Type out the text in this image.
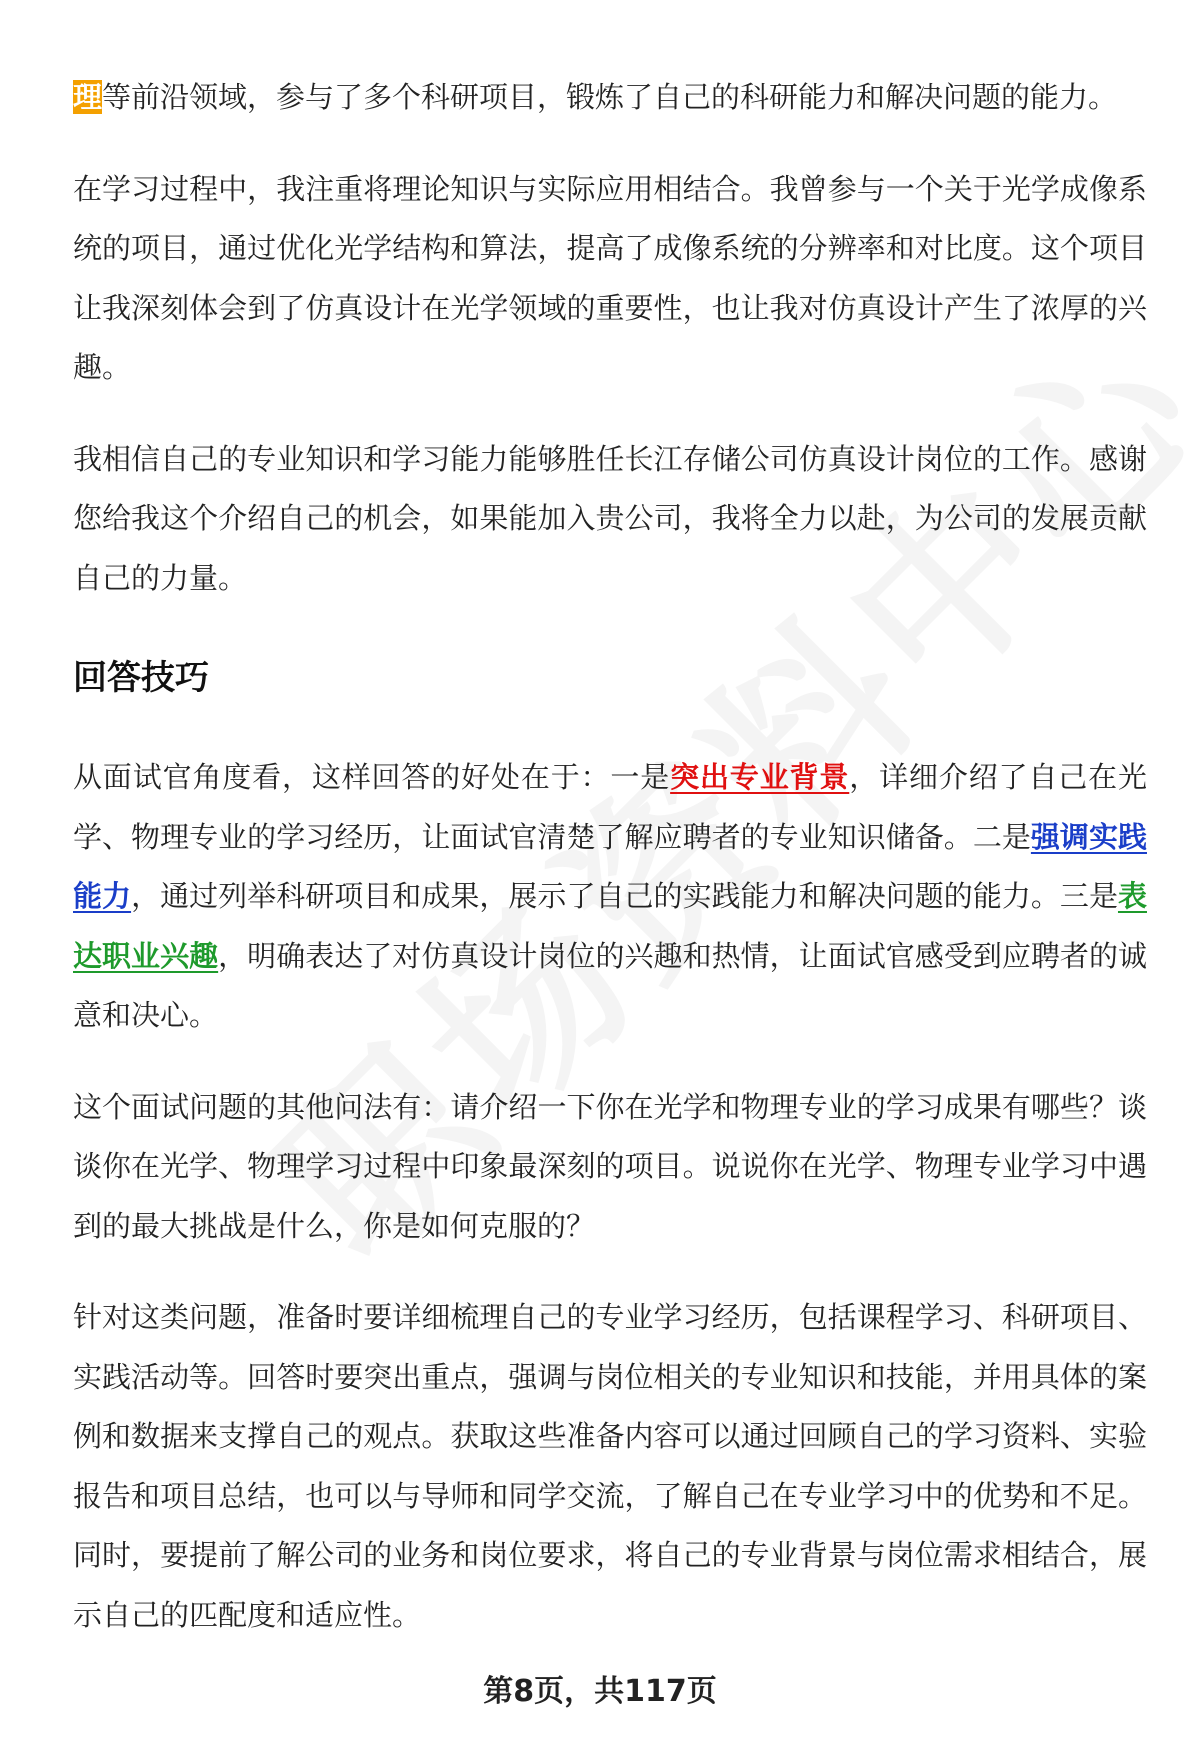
理等前沿领域，参与了多个科研项目，锻炼了自己的科研能力和解决问题的能力。

在学习过程中，我注重将理论知识与实际应用相结合。我曾参与一个关于光学成像系统的项目，通过优化光学结构和算法，提高了成像系统的分辨率和对比度。这个项目让我深刻体会到了仿真设计在光学领域的重要性，也让我对仿真设计产生了浓厚的兴趣。

我相信自己的专业知识和学习能力能够胜任长江存储公司仿真设计岗位的工作。感谢您给我这个介绍自己的机会，如果能加入贵公司，我将全力以赴，为公司的发展贡献自己的力量。

回答技巧

从面试官角度看，这样回答的好处在于：一是突出专业背景，详细介绍了自己在光学、物理专业的学习经历，让面试官清楚了解应聘者的专业知识储备。二是强调实践能力，通过列举科研项目和成果，展示了自己的实践能力和解决问题的能力。三是表达职业兴趣，明确表达了对仿真设计岗位的兴趣和热情，让面试官感受到应聘者的诚意和决心。

这个面试问题的其他问法有：请介绍一下你在光学和物理专业的学习成果有哪些？谈谈你在光学、物理学习过程中印象最深刻的项目。说说你在光学、物理专业学习中遇到的最大挑战是什么，你是如何克服的？

针对这类问题，准备时要详细梳理自己的专业学习经历，包括课程学习、科研项目、实践活动等。回答时要突出重点，强调与岗位相关的专业知识和技能，并用具体的案例和数据来支撑自己的观点。获取这些准备内容可以通过回顾自己的学习资料、实验报告和项目总结，也可以与导师和同学交流，了解自己在专业学习中的优势和不足。同时，要提前了解公司的业务和岗位要求，将自己的专业背景与岗位需求相结合，展示自己的匹配度和适应性。

第8页，共117页
